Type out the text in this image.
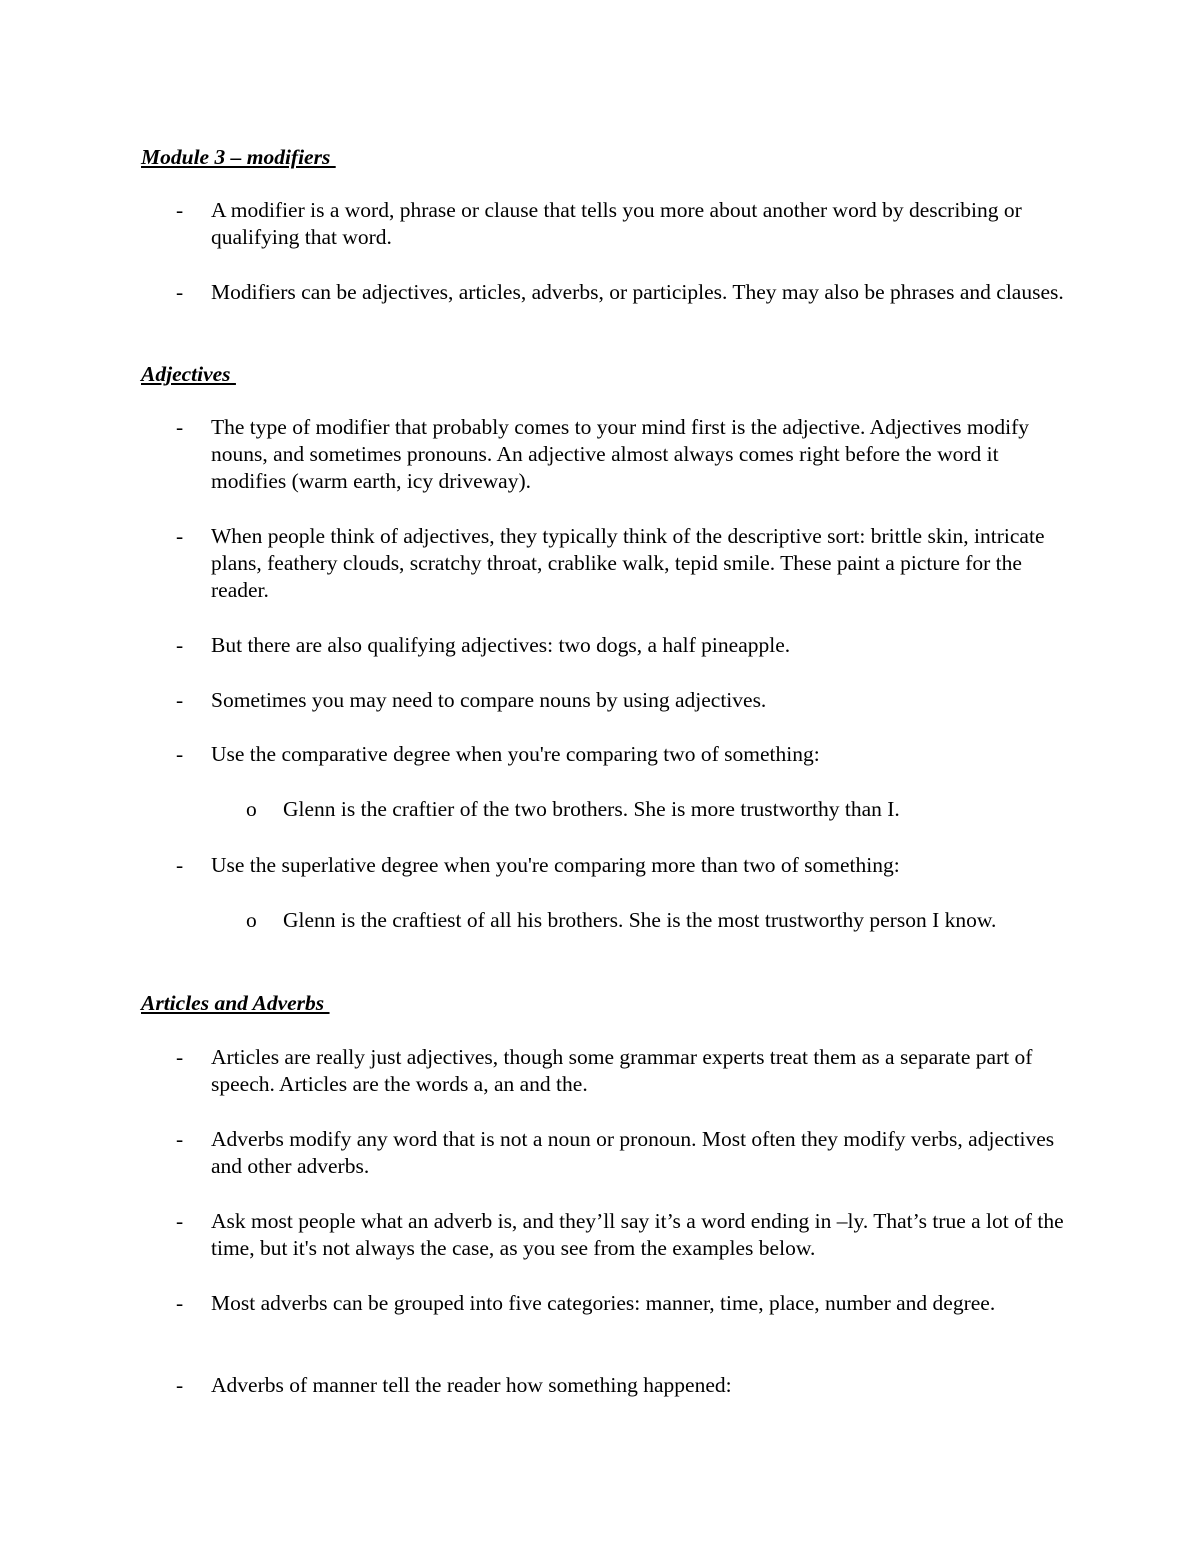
Module 3 – modifiers
- A modifier is a word, phrase or clause that tells you more about another word by describing or qualifying that word.
- Modifiers can be adjectives, articles, adverbs, or participles. They may also be phrases and clauses.
Adjectives
- The type of modifier that probably comes to your mind first is the adjective. Adjectives modify nouns, and sometimes pronouns. An adjective almost always comes right before the word it modifies (warm earth, icy driveway).
- When people think of adjectives, they typically think of the descriptive sort: brittle skin, intricate plans, feathery clouds, scratchy throat, crablike walk, tepid smile. These paint a picture for the reader.
- But there are also qualifying adjectives: two dogs, a half pineapple.
- Sometimes you may need to compare nouns by using adjectives.
- Use the comparative degree when you're comparing two of something:
o Glenn is the craftier of the two brothers. She is more trustworthy than I.
- Use the superlative degree when you're comparing more than two of something:
o Glenn is the craftiest of all his brothers. She is the most trustworthy person I know.
Articles and Adverbs
- Articles are really just adjectives, though some grammar experts treat them as a separate part of speech. Articles are the words a, an and the.
- Adverbs modify any word that is not a noun or pronoun. Most often they modify verbs, adjectives and other adverbs.
- Ask most people what an adverb is, and they’ll say it’s a word ending in –ly. That’s true a lot of the time, but it's not always the case, as you see from the examples below.
- Most adverbs can be grouped into five categories: manner, time, place, number and degree.
- Adverbs of manner tell the reader how something happened:
